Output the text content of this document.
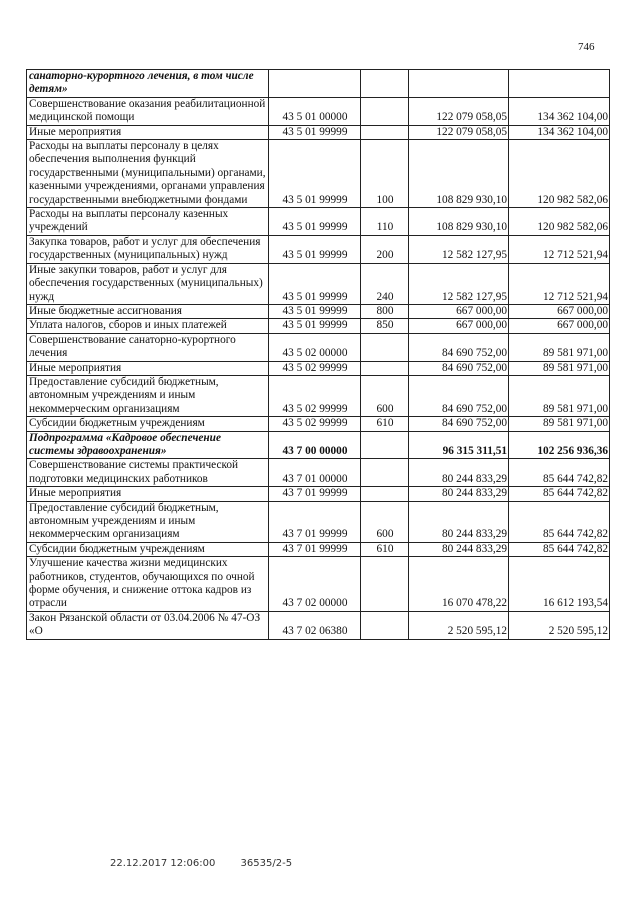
746
санаторно-курортного лечения, в том числе детям»				
Совершенствование оказания реабилитационной медицинской помощи	43 5 01 00000		122 079 058,05	134 362 104,00
Иные мероприятия	43 5 01 99999		122 079 058,05	134 362 104,00
Расходы на выплаты персоналу в целях обеспечения выполнения функций государственными (муниципальными) органами, казенными учреждениями, органами управления государственными внебюджетными фондами	43 5 01 99999	100	108 829 930,10	120 982 582,06
Расходы на выплаты персоналу казенных учреждений	43 5 01 99999	110	108 829 930,10	120 982 582,06
Закупка товаров, работ и услуг для обеспечения государственных (муниципальных) нужд	43 5 01 99999	200	12 582 127,95	12 712 521,94
Иные закупки товаров, работ и услуг для обеспечения государственных (муниципальных) нужд	43 5 01 99999	240	12 582 127,95	12 712 521,94
Иные бюджетные ассигнования	43 5 01 99999	800	667 000,00	667 000,00
Уплата налогов, сборов и иных платежей	43 5 01 99999	850	667 000,00	667 000,00
Совершенствование санаторно-курортного лечения	43 5 02 00000		84 690 752,00	89 581 971,00
Иные мероприятия	43 5 02 99999		84 690 752,00	89 581 971,00
Предоставление субсидий бюджетным, автономным учреждениям и иным некоммерческим организациям	43 5 02 99999	600	84 690 752,00	89 581 971,00
Субсидии бюджетным учреждениям	43 5 02 99999	610	84 690 752,00	89 581 971,00
Подпрограмма «Кадровое обеспечение системы здравоохранения»	43 7 00 00000		96 315 311,51	102 256 936,36
Совершенствование системы практической подготовки медицинских работников	43 7 01 00000		80 244 833,29	85 644 742,82
Иные мероприятия	43 7 01 99999		80 244 833,29	85 644 742,82
Предоставление субсидий бюджетным, автономным учреждениям и иным некоммерческим организациям	43 7 01 99999	600	80 244 833,29	85 644 742,82
Субсидии бюджетным учреждениям	43 7 01 99999	610	80 244 833,29	85 644 742,82
Улучшение качества жизни медицинских работников, студентов, обучающихся по очной форме обучения, и снижение оттока кадров из отрасли	43 7 02 00000		16 070 478,22	16 612 193,54
Закон Рязанской области от 03.04.2006 № 47-ОЗ «О	43 7 02 06380		2 520 595,12	2 520 595,12
22.12.2017 12:06:00	36535/2-5
